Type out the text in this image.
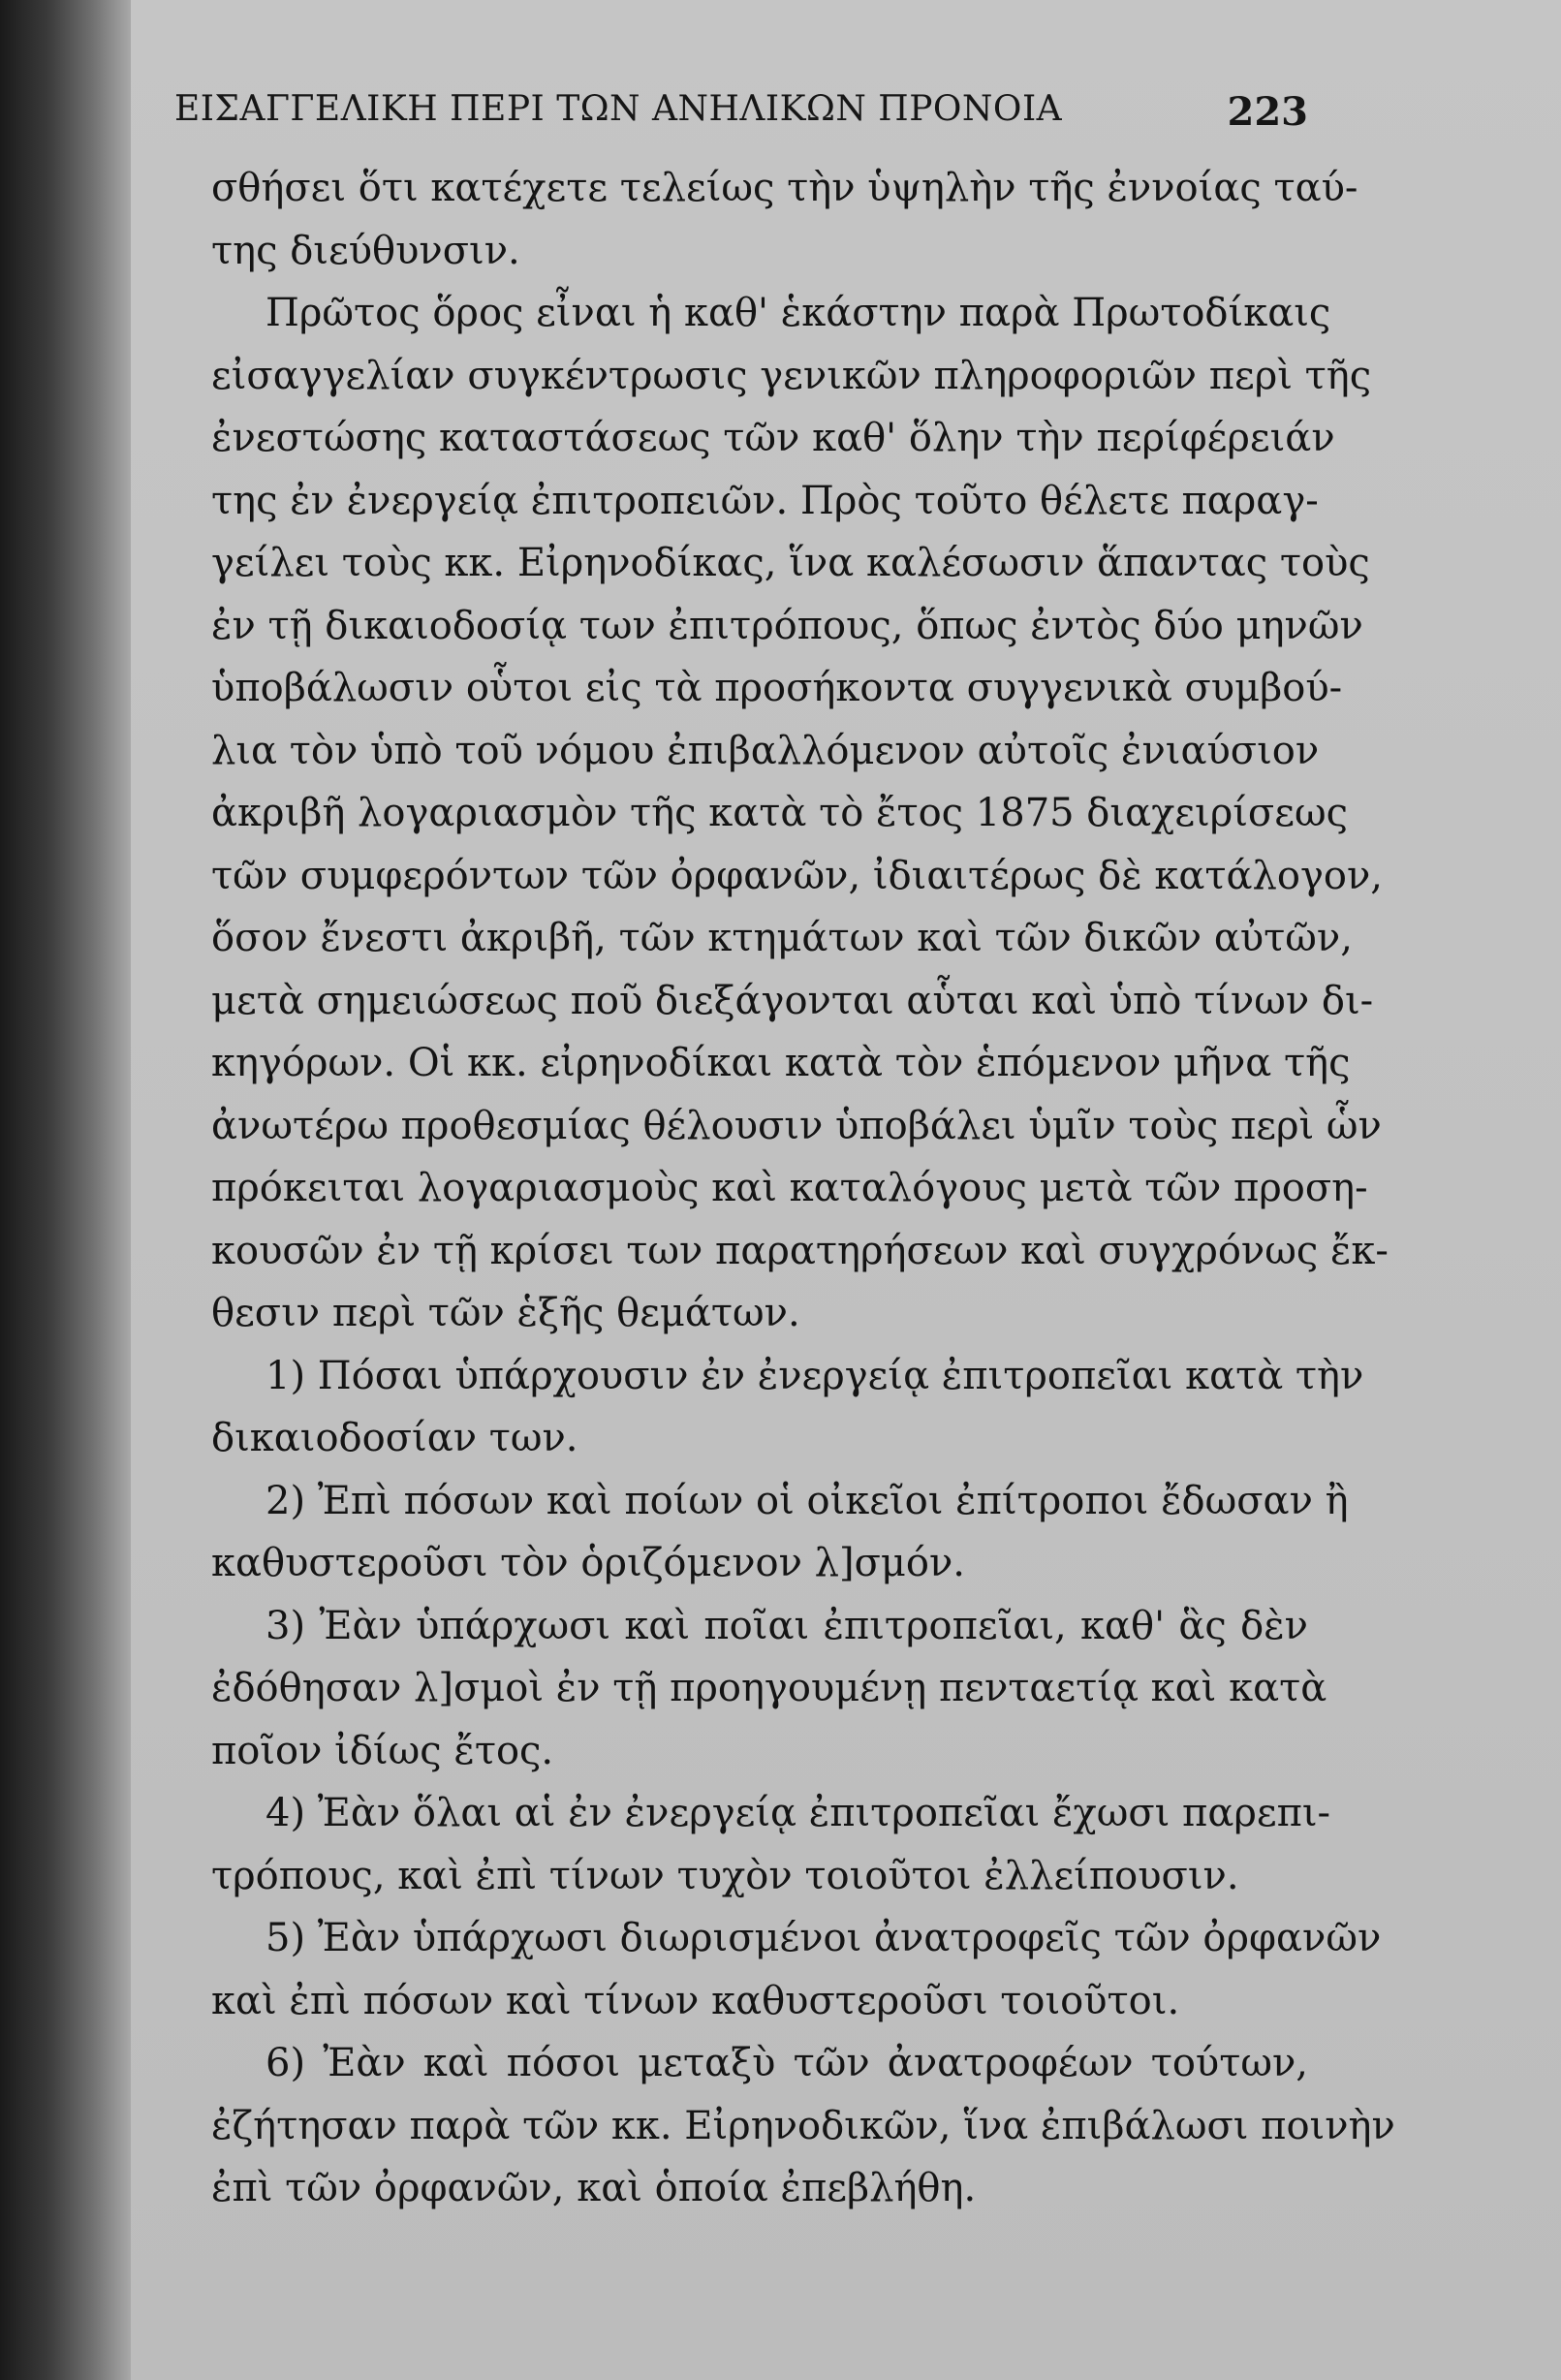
ΕΙΣΑΓΓΕΛΙΚΗ ΠΕΡΙ ΤΩΝ ΑΝΗΛΙΚΩΝ ΠΡΟΝΟΙΑ	223
σθήσει ὅτι κατέχετε τελείως τὴν ὑψηλὴν τῆς ἐννοίας ταύ-
της διεύθυνσιν.
Πρῶτος ὅρος εἶναι ἡ καθ' ἑκάστην παρὰ Πρωτοδίκαις
εἰσαγγελίαν συγκέντρωσις γενικῶν πληροφοριῶν περὶ τῆς
ἐνεστώσης καταστάσεως τῶν καθ' ὅλην τὴν περίφέρειάν
της ἐν ἐνεργείᾳ ἐπιτροπειῶν. Πρὸς τοῦτο θέλετε παραγ-
γείλει τοὺς κκ. Εἰρηνοδίκας, ἵνα καλέσωσιν ἅπαντας τοὺς
ἐν τῇ δικαιοδοσίᾳ των ἐπιτρόπους, ὅπως ἐντὸς δύο μηνῶν
ὑποβάλωσιν οὗτοι εἰς τὰ προσήκοντα συγγενικὰ συμβού-
λια τὸν ὑπὸ τοῦ νόμου ἐπιβαλλόμενον αὐτοῖς ἐνιαύσιον
ἀκριβῆ λογαριασμὸν τῆς κατὰ τὸ ἔτος 1875 διαχειρίσεως
τῶν συμφερόντων τῶν ὀρφανῶν, ἰδιαιτέρως δὲ κατάλογον,
ὅσον ἔνεστι ἀκριβῆ, τῶν κτημάτων καὶ τῶν δικῶν αὐτῶν,
μετὰ σημειώσεως ποῦ διεξάγονται αὗται καὶ ὑπὸ τίνων δι-
κηγόρων. Οἱ κκ. εἰρηνοδίκαι κατὰ τὸν ἑπόμενον μῆνα τῆς
ἀνωτέρω προθεσμίας θέλουσιν ὑποβάλει ὑμῖν τοὺς περὶ ὧν
πρόκειται λογαριασμοὺς καὶ καταλόγους μετὰ τῶν προση-
κουσῶν ἐν τῇ κρίσει των παρατηρήσεων καὶ συγχρόνως ἔκ-
θεσιν περὶ τῶν ἑξῆς θεμάτων.
1) Πόσαι ὑπάρχουσιν ἐν ἐνεργείᾳ ἐπιτροπεῖαι κατὰ τὴν
δικαιοδοσίαν των.
2) Ἐπὶ πόσων καὶ ποίων οἱ οἰκεῖοι ἐπίτροποι ἔδωσαν ἢ
καθυστεροῦσι τὸν ὁριζόμενον λ]σμόν.
3) Ἐὰν ὑπάρχωσι καὶ ποῖαι ἐπιτροπεῖαι, καθ' ἃς δὲν
ἐδόθησαν λ]σμοὶ ἐν τῇ προηγουμένῃ πενταετίᾳ καὶ κατὰ
ποῖον ἰδίως ἔτος.
4) Ἐὰν ὅλαι αἱ ἐν ἐνεργείᾳ ἐπιτροπεῖαι ἔχωσι παρεπι-
τρόπους, καὶ ἐπὶ τίνων τυχὸν τοιοῦτοι ἐλλείπουσιν.
5) Ἐὰν ὑπάρχωσι διωρισμένοι ἀνατροφεῖς τῶν ὀρφανῶν
καὶ ἐπὶ πόσων καὶ τίνων καθυστεροῦσι τοιοῦτοι.
6) Ἐὰν καὶ πόσοι μεταξὺ τῶν ἀνατροφέων τούτων,
ἐζήτησαν παρὰ τῶν κκ. Εἰρηνοδικῶν, ἵνα ἐπιβάλωσι ποινὴν
ἐπὶ τῶν ὀρφανῶν, καὶ ὁποία ἐπεβλήθη.
